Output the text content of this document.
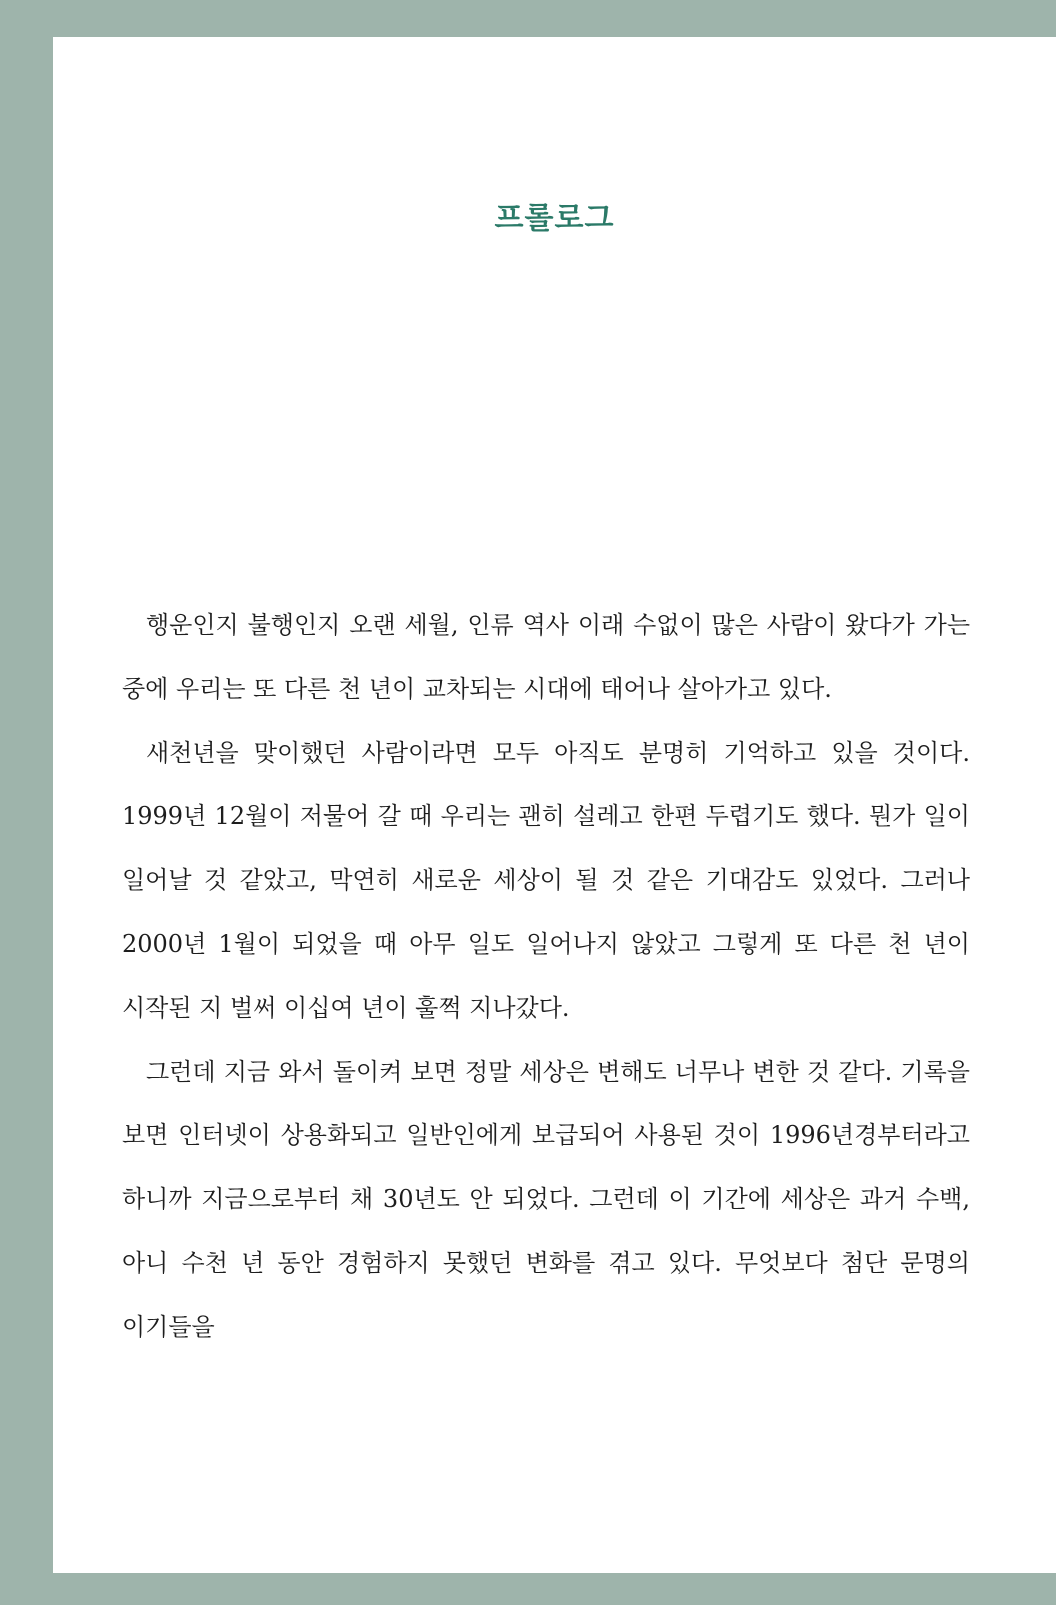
프롤로그

행운인지 불행인지 오랜 세월, 인류 역사 이래 수없이 많은 사람이 왔다가 가는 중에 우리는 또 다른 천 년이 교차되는 시대에 태어나 살아가고 있다.

새천년을 맞이했던 사람이라면 모두 아직도 분명히 기억하고 있을 것이다. 1999년 12월이 저물어 갈 때 우리는 괜히 설레고 한편 두렵기도 했다. 뭔가 일이 일어날 것 같았고, 막연히 새로운 세상이 될 것 같은 기대감도 있었다. 그러나 2000년 1월이 되었을 때 아무 일도 일어나지 않았고 그렇게 또 다른 천 년이 시작된 지 벌써 이십여 년이 훌쩍 지나갔다.

그런데 지금 와서 돌이켜 보면 정말 세상은 변해도 너무나 변한 것 같다. 기록을 보면 인터넷이 상용화되고 일반인에게 보급되어 사용된 것이 1996년경부터라고 하니까 지금으로부터 채 30년도 안 되었다. 그런데 이 기간에 세상은 과거 수백, 아니 수천 년 동안 경험하지 못했던 변화를 겪고 있다. 무엇보다 첨단 문명의 이기들을
